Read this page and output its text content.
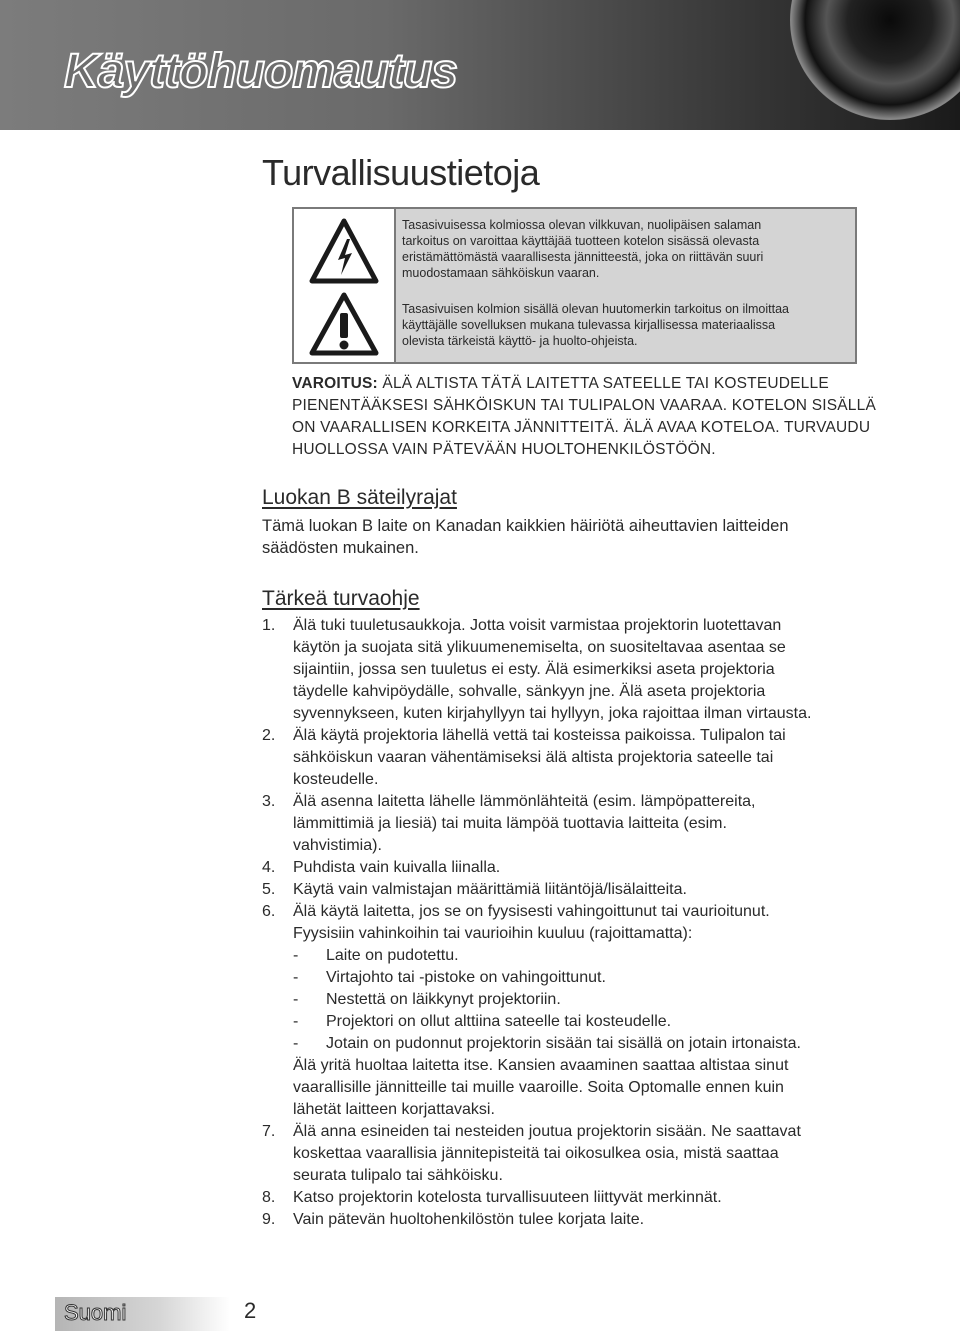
Käyttöhuomautus
Turvallisuustietoja
Tasasivuisessa kolmiossa olevan vilkkuvan, nuolipäisen salaman
tarkoitus on varoittaa käyttäjää tuotteen kotelon sisässä olevasta
eristämättömästä vaarallisesta jännitteestä, joka on riittävän suuri
muodostamaan sähköiskun vaaran.
Tasasivuisen kolmion sisällä olevan huutomerkin tarkoitus on ilmoittaa
käyttäjälle sovelluksen mukana tulevassa kirjallisessa materiaalissa
olevista tärkeistä käyttö- ja huolto-ohjeista.
VAROITUS: ÄLÄ ALTISTA TÄTÄ LAITETTA SATEELLE TAI KOSTEUDELLE
PIENENTÄÄKSESI SÄHKÖISKUN TAI TULIPALON VAARAA. KOTELON SISÄLLÄ
ON VAARALLISEN KORKEITA JÄNNITTEITÄ. ÄLÄ AVAA KOTELOA. TURVAUDU
HUOLLOSSA VAIN PÄTEVÄÄN HUOLTOHENKILÖSTÖÖN.
Luokan B säteilyrajat
Tämä luokan B laite on Kanadan kaikkien häiriötä aiheuttavien laitteiden
säädösten mukainen.
Tärkeä turvaohje
1. Älä tuki tuuletusaukkoja. Jotta voisit varmistaa projektorin luotettavan
käytön ja suojata sitä ylikuumenemiselta, on suositeltavaa asentaa se
sijaintiin, jossa sen tuuletus ei esty. Älä esimerkiksi aseta projektoria
täydelle kahvipöydälle, sohvalle, sänkyyn jne. Älä aseta projektoria
syvennykseen, kuten kirjahyllyyn tai hyllyyn, joka rajoittaa ilman virtausta.
2. Älä käytä projektoria lähellä vettä tai kosteissa paikoissa. Tulipalon tai
sähköiskun vaaran vähentämiseksi älä altista projektoria sateelle tai
kosteudelle.
3. Älä asenna laitetta lähelle lämmönlähteitä (esim. lämpöpattereita,
lämmittimiä ja liesiä) tai muita lämpöä tuottavia laitteita (esim.
vahvistimia).
4. Puhdista vain kuivalla liinalla.
5. Käytä vain valmistajan määrittämiä liitäntöjä/lisälaitteita.
6. Älä käytä laitetta, jos se on fyysisesti vahingoittunut tai vaurioitunut.
Fyysisiin vahinkoihin tai vaurioihin kuuluu (rajoittamatta):
- Laite on pudotettu.
- Virtajohto tai -pistoke on vahingoittunut.
- Nestettä on läikkynyt projektoriin.
- Projektori on ollut alttiina sateelle tai kosteudelle.
- Jotain on pudonnut projektorin sisään tai sisällä on jotain irtonaista.
Älä yritä huoltaa laitetta itse. Kansien avaaminen saattaa altistaa sinut
vaarallisille jännitteille tai muille vaaroille. Soita Optomalle ennen kuin
lähetät laitteen korjattavaksi.
7. Älä anna esineiden tai nesteiden joutua projektorin sisään. Ne saattavat
koskettaa vaarallisia jännitepisteitä tai oikosulkea osia, mistä saattaa
seurata tulipalo tai sähköisku.
8. Katso projektorin kotelosta turvallisuuteen liittyvät merkinnät.
9. Vain pätevän huoltohenkilöstön tulee korjata laite.
Suomi	2
